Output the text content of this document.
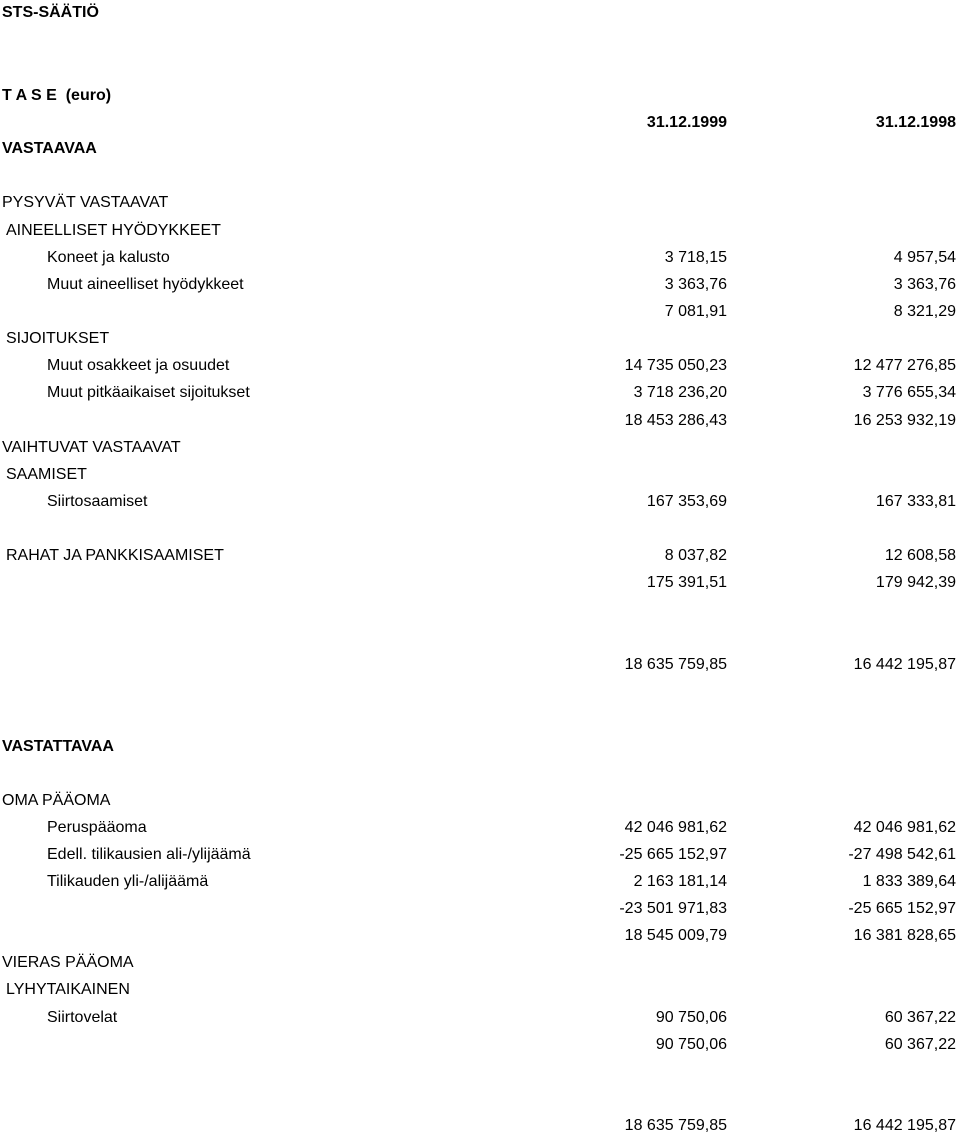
STS-SÄÄTIÖ
T A S E  (euro)
31.12.1999	31.12.1998
VASTAAVAA
PYSYVÄT VASTAAVAT
AINEELLISET HYÖDYKKEET
Koneet ja kalusto	3 718,15	4 957,54
Muut aineelliset hyödykkeet	3 363,76	3 363,76
7 081,91	8 321,29
SIJOITUKSET
Muut osakkeet ja osuudet	14 735 050,23	12 477 276,85
Muut pitkäaikaiset sijoitukset	3 718 236,20	3 776 655,34
18 453 286,43	16 253 932,19
VAIHTUVAT VASTAAVAT
SAAMISET
Siirtosaamiset	167 353,69	167 333,81
RAHAT JA PANKKISAAMISET	8 037,82	12 608,58
175 391,51	179 942,39
18 635 759,85	16 442 195,87
VASTATTAVAA
OMA PÄÄOMA
Peruspääoma	42 046 981,62	42 046 981,62
Edell. tilikausien ali-/ylijäämä	-25 665 152,97	-27 498 542,61
Tilikauden yli-/alijäämä	2 163 181,14	1 833 389,64
-23 501 971,83	-25 665 152,97
18 545 009,79	16 381 828,65
VIERAS PÄÄOMA
LYHYTAIKAINEN
Siirtovelat	90 750,06	60 367,22
90 750,06	60 367,22
18 635 759,85	16 442 195,87
